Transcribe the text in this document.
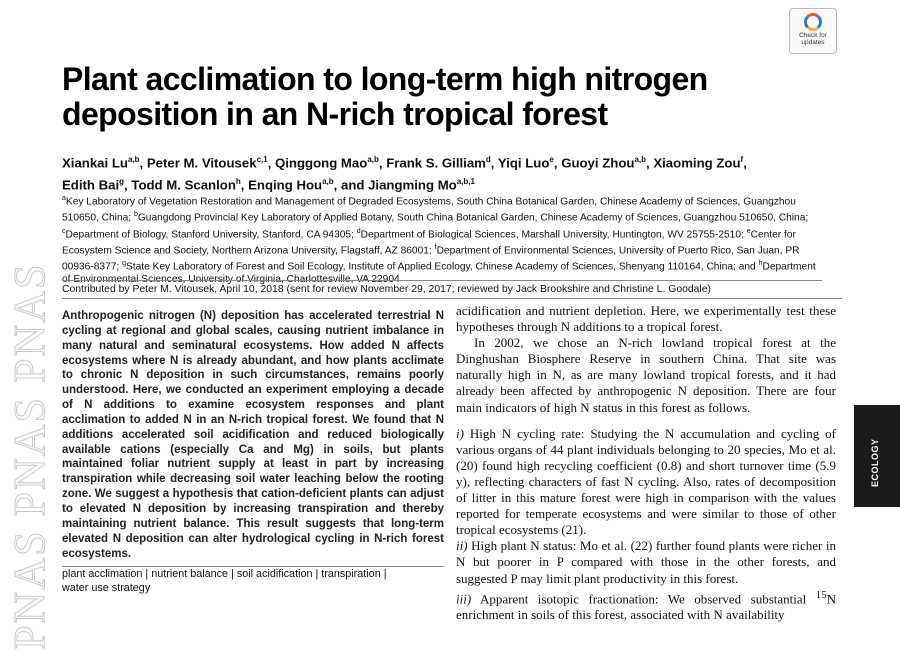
PNAS PNAS PNAS
Check for
updates
Plant acclimation to long-term high nitrogen deposition in an N-rich tropical forest
Xiankai Lu$^{a,b}$, Peter M. Vitousek$^{c,1}$, Qinggong Mao$^{a,b}$, Frank S. Gilliam$^d$, Yiqi Luo$^e$, Guoyi Zhou$^{a,b}$, Xiaoming Zou$^f$,
Edith Bai$^g$, Todd M. Scanlon$^h$, Enqing Hou$^{a,b}$, and Jiangming Mo$^{a,b,1}$
$^a$Key Laboratory of Vegetation Restoration and Management of Degraded Ecosystems, South China Botanical Garden, Chinese Academy of Sciences, Guangzhou 510650, China; $^b$Guangdong Provincial Key Laboratory of Applied Botany, South China Botanical Garden, Chinese Academy of Sciences, Guangzhou 510650, China; $^c$Department of Biology, Stanford University, Stanford, CA 94305; $^d$Department of Biological Sciences, Marshall University, Huntington, WV 25755-2510; $^e$Center for Ecosystem Science and Society, Northern Arizona University, Flagstaff, AZ 86001; $^f$Department of Environmental Sciences, University of Puerto Rico, San Juan, PR 00936-8377; $^g$State Key Laboratory of Forest and Soil Ecology, Institute of Applied Ecology, Chinese Academy of Sciences, Shenyang 110164, China; and $^h$Department of Environmental Sciences, University of Virginia, Charlottesville, VA 22904
Contributed by Peter M. Vitousek, April 10, 2018 (sent for review November 29, 2017; reviewed by Jack Brookshire and Christine L. Goodale)

Anthropogenic nitrogen (N) deposition has accelerated terrestrial N cycling at regional and global scales, causing nutrient imbalance in many natural and seminatural ecosystems. How added N affects ecosystems where N is already abundant, and how plants acclimate to chronic N deposition in such circumstances, remains poorly understood. Here, we conducted an experiment employing a decade of N additions to examine ecosystem responses and plant acclimation to added N in an N-rich tropical forest. We found that N additions accelerated soil acidification and reduced biologically available cations (especially Ca and Mg) in soils, but plants maintained foliar nutrient supply at least in part by increasing transpiration while decreasing soil water leaching below the rooting zone. We suggest a hypothesis that cation-deficient plants can adjust to elevated N deposition by increasing transpiration and thereby maintaining nutrient balance. This result suggests that long-term elevated N deposition can alter hydrological cycling in N-rich forest ecosystems.

plant acclimation | nutrient balance | soil acidification | transpiration |
water use strategy

acidification and nutrient depletion. Here, we experimentally test these hypotheses through N additions to a tropical forest.

In 2002, we chose an N-rich lowland tropical forest at the Dinghushan Biosphere Reserve in southern China. That site was naturally high in N, as are many lowland tropical forests, and it had already been affected by anthropogenic N deposition. There are four main indicators of high N status in this forest as follows.

i) High N cycling rate: Studying the N accumulation and cycling of various organs of 44 plant individuals belonging to 20 species, Mo et al. (20) found high recycling coefficient (0.8) and short turnover time (5.9 y), reflecting characters of fast N cycling. Also, rates of decomposition of litter in this mature forest were high in comparison with the values reported for temperate ecosystems and were similar to those of other tropical ecosystems (21).

ii) High plant N status: Mo et al. (22) further found plants were richer in N but poorer in P compared with those in the other forests, and suggested P may limit plant productivity in this forest.

iii) Apparent isotopic fractionation: We observed substantial $^{15}$N enrichment in soils of this forest, associated with N availability

ECOLOGY
